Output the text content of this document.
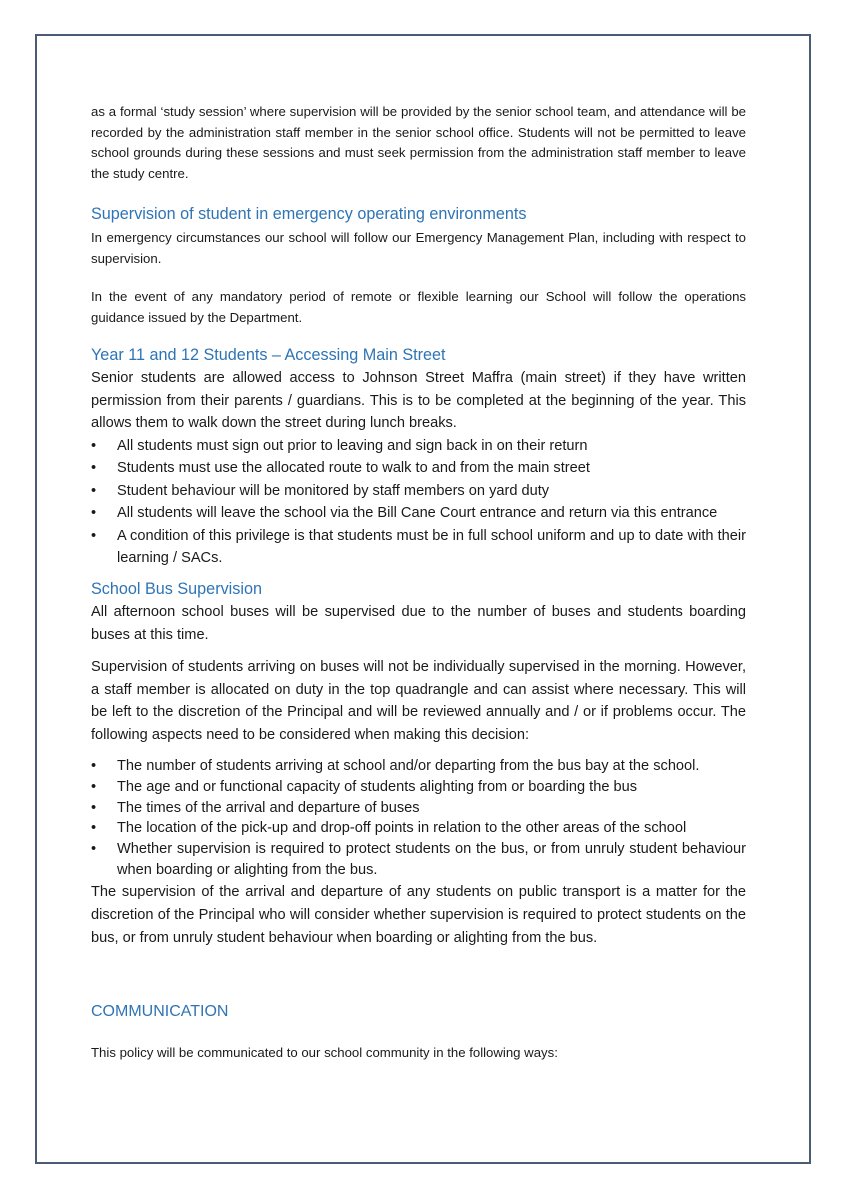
as a formal ‘study session’ where supervision will be provided by the senior school team, and attendance will be recorded by the administration staff member in the senior school office. Students will not be permitted to leave school grounds during these sessions and must seek permission from the administration staff member to leave the study centre.

Supervision of student in emergency operating environments

In emergency circumstances our school will follow our Emergency Management Plan, including with respect to supervision.

In the event of any mandatory period of remote or flexible learning our School will follow the operations guidance issued by the Department.

Year 11 and 12 Students – Accessing Main Street

Senior students are allowed access to Johnson Street Maffra (main street) if they have written permission from their parents / guardians. This is to be completed at the beginning of the year. This allows them to walk down the street during lunch breaks.

• All students must sign out prior to leaving and sign back in on their return
• Students must use the allocated route to walk to and from the main street
• Student behaviour will be monitored by staff members on yard duty
• All students will leave the school via the Bill Cane Court entrance and return via this entrance
• A condition of this privilege is that students must be in full school uniform and up to date with their learning / SACs.
School Bus Supervision

All afternoon school buses will be supervised due to the number of buses and students boarding buses at this time.

Supervision of students arriving on buses will not be individually supervised in the morning. However, a staff member is allocated on duty in the top quadrangle and can assist where necessary. This will be left to the discretion of the Principal and will be reviewed annually and / or if problems occur. The following aspects need to be considered when making this decision:

• The number of students arriving at school and/or departing from the bus bay at the school.
• The age and or functional capacity of students alighting from or boarding the bus
• The times of the arrival and departure of buses
• The location of the pick-up and drop-off points in relation to the other areas of the school
• Whether supervision is required to protect students on the bus, or from unruly student behaviour when boarding or alighting from the bus.

The supervision of the arrival and departure of any students on public transport is a matter for the discretion of the Principal who will consider whether supervision is required to protect students on the bus, or from unruly student behaviour when boarding or alighting from the bus.

COMMUNICATION

This policy will be communicated to our school community in the following ways:
